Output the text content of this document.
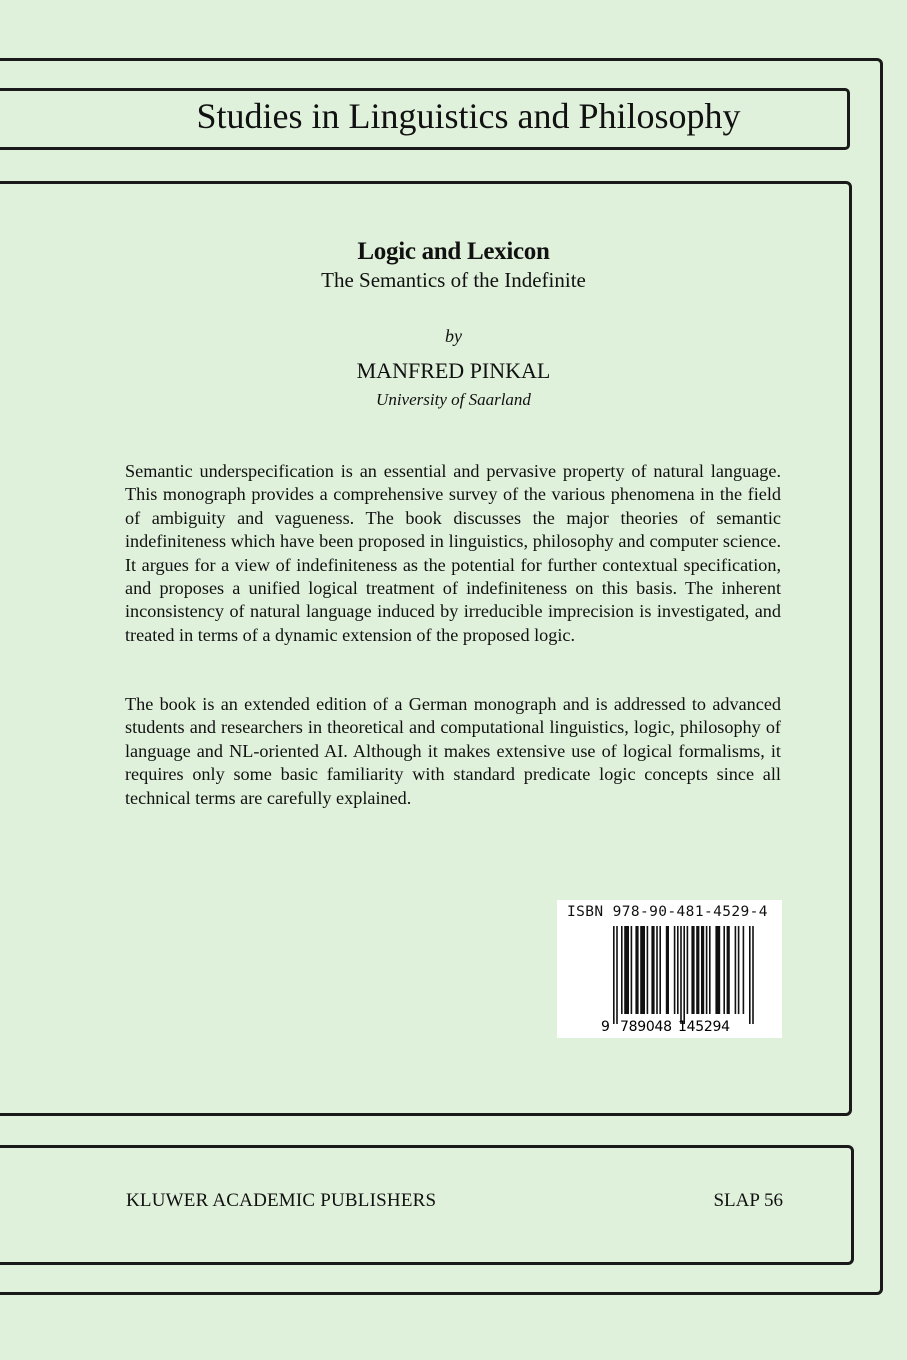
Studies in Linguistics and Philosophy
Logic and Lexicon
The Semantics of the Indefinite
by
MANFRED PINKAL
University of Saarland

Semantic underspecification is an essential and pervasive property of natural language. This monograph provides a comprehensive survey of the various phenomena in the field of ambiguity and vagueness. The book discusses the major theories of semantic indefiniteness which have been proposed in linguistics, philosophy and computer science. It argues for a view of indefiniteness as the potential for further contextual specification, and proposes a unified logical treatment of indefiniteness on this basis. The inherent inconsistency of natural language induced by irreducible imprecision is investigated, and treated in terms of a dynamic extension of the proposed logic.

The book is an extended edition of a German monograph and is addressed to advanced students and researchers in theoretical and computational linguistics, logic, philosophy of language and NL-oriented AI. Although it makes extensive use of logical formalisms, it requires only some basic familiarity with standard predicate logic concepts since all technical terms are carefully explained.

ISBN 978-90-481-4529-4
9 789048 145294
KLUWER ACADEMIC PUBLISHERS	SLAP 56
